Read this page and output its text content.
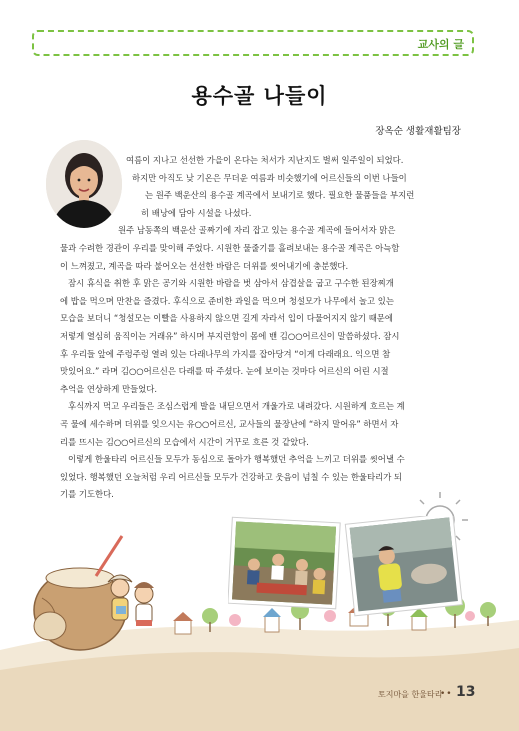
교사의 글
용수골 나들이
장옥순 생활재활팀장
여름이 지나고 선선한 가을이 온다는 처서가 지난지도 벌써 일주일이 되었다.
하지만 아직도 낮 기온은 무더운 여름과 비슷했기에 어르신들의 이번 나들이
는 원주 백운산의 용수골 계곡에서 보내기로 했다. 필요한 물품들을 부지런
히 배낭에 담아 시설을 나섰다.
원주 남동쪽의 백운산 골짜기에 자리 잡고 있는 용수골 계곡에 들어서자 맑은
물과 수려한 경관이 우리를 맞이해 주었다. 시원한 물줄기를 흘려보내는 용수골 계곡은 아늑함
이 느껴졌고, 계곡을 따라 불어오는 선선한 바람은 더위를 씻어내기에 충분했다.
잠시 휴식을 취한 후 맑은 공기와 시원한 바람을 벗 삼아서 삼겹살을 굽고 구수한 된장찌개
에 밥을 먹으며 만찬을 즐겼다. 후식으로 준비한 과일을 먹으며 청설모가 나무에서 놀고 있는
모습을 보더니 “청설모는 이빨을 사용하지 않으면 길게 자라서 입이 다물어지지 않기 때문에
저렇게 열심히 움직이는 거래유” 하시며 부지런함이 몸에 밴 김○○어르신이 말씀하셨다. 잠시
후 우리들 앞에 주렁주렁 열려 있는 다래나무의 가지를 잡아당겨 “이게 다래래요. 익으면 참
맛있어요.” 라며 김○○어르신은 다래를 따 주셨다. 눈에 보이는 것마다 어르신의 어린 시절
추억을 연상하게 만들었다.
후식까지 먹고 우리들은 조심스럽게 발을 내딛으면서 개울가로 내려갔다. 시원하게 흐르는 계
곡 물에 세수하며 더위를 잊으시는 유○○어르신, 교사들의 물장난에 “하지 말어유” 하면서 자
리를 뜨시는 김○○어르신의 모습에서 시간이 거꾸로 흐른 것 같았다.
이렇게 한울타리 어르신들 모두가 동심으로 돌아가 행복했던 추억을 느끼고 더위를 씻어낼 수
있었다. 행복했던 오늘처럼 우리 어르신들 모두가 건강하고 웃음이 넘칠 수 있는 한울타리가 되
기를 기도한다.
토지마을 한울타리
•• 13
